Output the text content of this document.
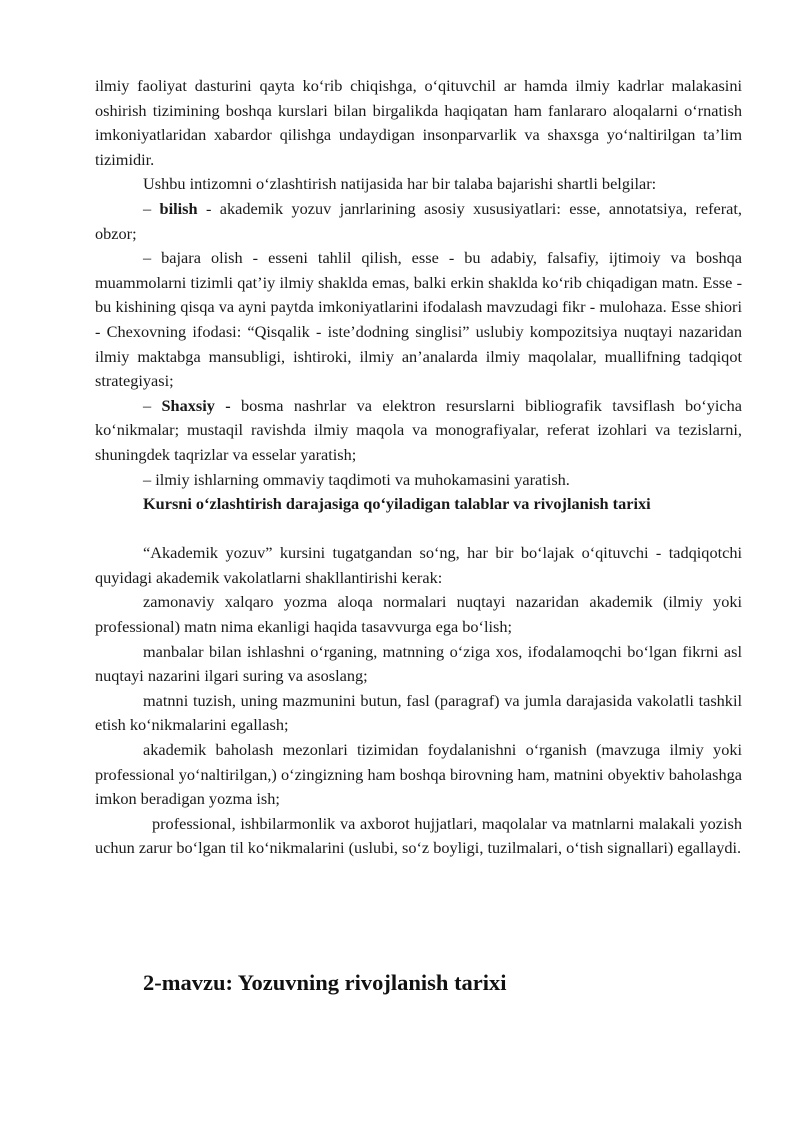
ilmiy faoliyat dasturini qayta koʻrib chiqishga, oʻqituvchil ar hamda ilmiy kadrlar malakasini oshirish tizimining boshqa kurslari bilan birgalikda haqiqatan ham fanlararo aloqalarni oʻrnatish imkoniyatlaridan xabardor qilishga undaydigan insonparvarlik va shaxsga yoʻnaltirilgan taʼlim tizimidir.

Ushbu intizomni oʻzlashtirish natijasida har bir talaba bajarishi shartli belgilar:

– bilish - akademik yozuv janrlarining asosiy xususiyatlari: esse, annotatsiya, referat, obzor;

– bajara olish - esseni tahlil qilish, esse - bu adabiy, falsafiy, ijtimoiy va boshqa muammolarni tizimli qat’iy ilmiy shaklda emas, balki erkin shaklda koʻrib chiqadigan matn. Esse - bu kishining qisqa va ayni paytda imkoniyatlarini ifodalash mavzudagi fikr - mulohaza. Esse shiori - Chexovning ifodasi: “Qisqalik - iste’dodning singlisi” uslubiy kompozitsiya nuqtayi nazaridan ilmiy maktabga mansubligi, ishtiroki, ilmiy an’analarda ilmiy maqolalar, muallifning tadqiqot strategiyasi;

– Shaxsiy - bosma nashrlar va elektron resurslarni bibliografik tavsiflash boʻyicha koʻnikmalar; mustaqil ravishda ilmiy maqola va monografiyalar, referat izohlari va tezislarni, shuningdek taqrizlar va esselar yaratish;

– ilmiy ishlarning ommaviy taqdimoti va muhokamasini yaratish.

Kursni oʻzlashtirish darajasiga qoʻyiladigan talablar va rivojlanish tarixi

“Akademik yozuv” kursini tugatgandan soʻng, har bir boʻlajak oʻqituvchi - tadqiqotchi quyidagi akademik vakolatlarni shakllantirishi kerak:

zamonaviy xalqaro yozma aloqa normalari nuqtayi nazaridan akademik (ilmiy yoki professional) matn nima ekanligi haqida tasavvurga ega boʻlish;

manbalar bilan ishlashni oʻrganing, matnning oʻziga xos, ifodalamoqchi boʻlgan fikrni asl nuqtayi nazarini ilgari suring va asoslang;

matnni tuzish, uning mazmunini butun, fasl (paragraf) va jumla darajasida vakolatli tashkil etish koʻnikmalarini egallash;

akademik baholash mezonlari tizimidan foydalanishni oʻrganish (mavzuga ilmiy yoki professional yoʻnaltirilgan,) oʻzingizning ham boshqa birovning ham, matnini obyektiv baholashga imkon beradigan yozma ish;

professional, ishbilarmonlik va axborot hujjatlari, maqolalar va matnlarni malakali yozish uchun zarur boʻlgan til koʻnikmalarini (uslubi, soʻz boyligi, tuzilmalari, oʻtish signallari) egallaydi.

2-mavzu: Yozuvning rivojlanish tarixi
